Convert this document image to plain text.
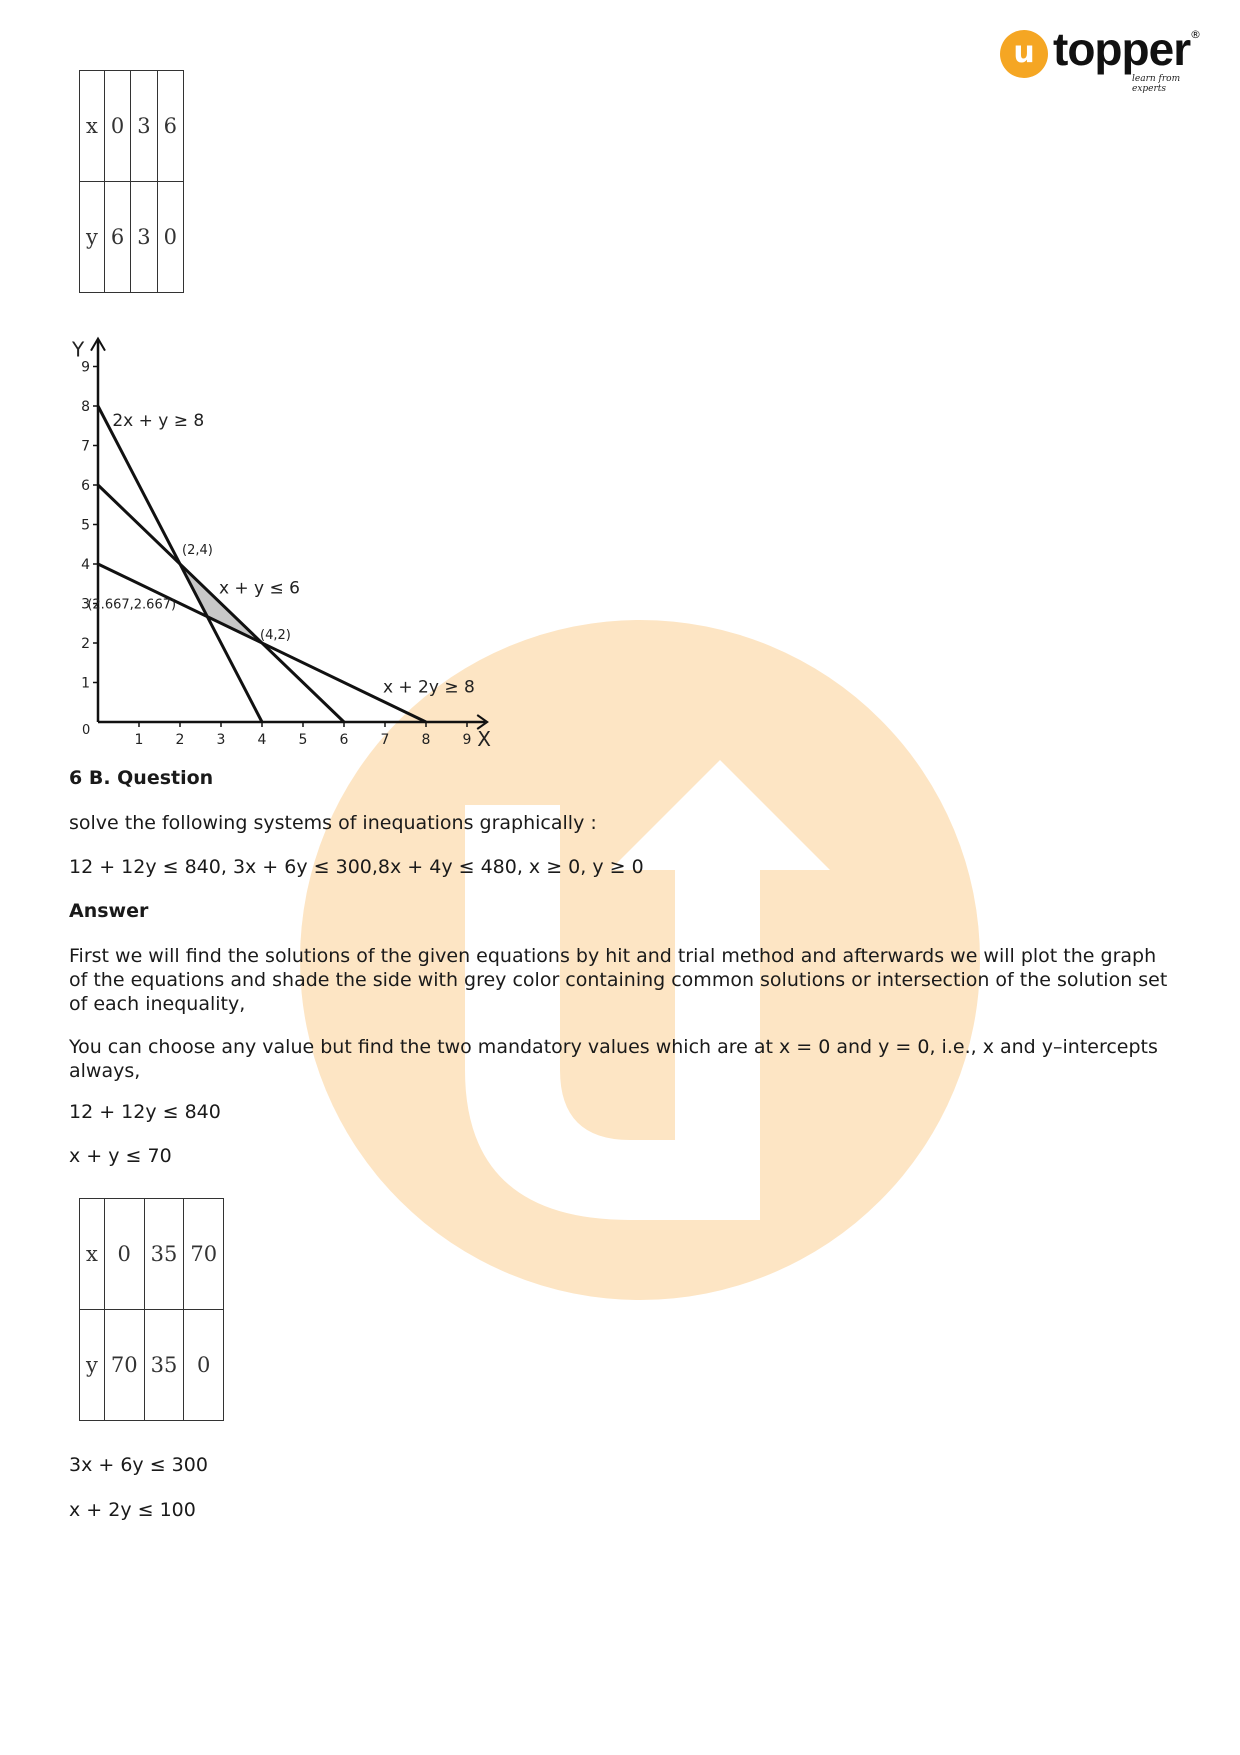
u topper ®
learn from experts
x	0	3	6
y	6	3	0
X
Y
0
1 2 3 4 5 6 7 8 9
1
2
3
4
5
6
7
8
9
2x + y ≥ 8
x + y ≤ 6
x + 2y ≥ 8
(2,4)
(2.667,2.667)
(4,2)

6 B. Question

solve the following systems of inequations graphically :

12 + 12y ≤ 840, 3x + 6y ≤ 300,8x + 4y ≤ 480, x ≥ 0, y ≥ 0

Answer

First we will find the solutions of the given equations by hit and trial method and afterwards we will plot the graph of the equations and shade the side with grey color containing common solutions or intersection of the solution set of each inequality,

You can choose any value but find the two mandatory values which are at x = 0 and y = 0, i.e., x and y–intercepts always,

12 + 12y ≤ 840

x + y ≤ 70

x	0	35	70
y	70	35	0

3x + 6y ≤ 300

x + 2y ≤ 100
